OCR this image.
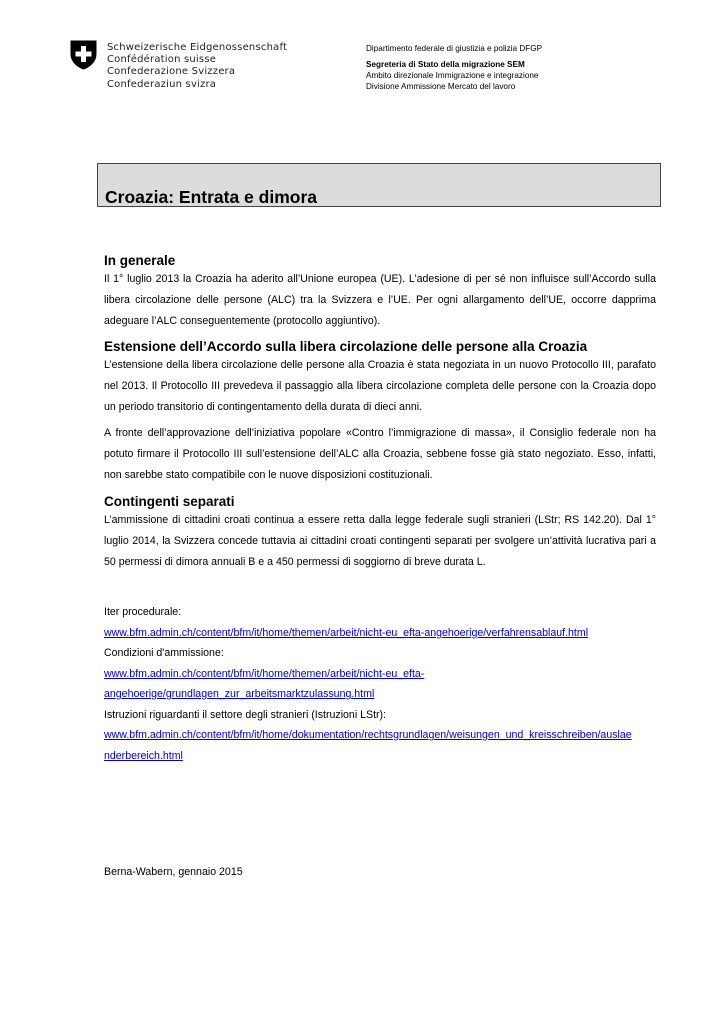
Schweizerische Eidgenossenschaft
Confédération suisse
Confederazione Svizzera
Confederaziun svizra
Dipartimento federale di giustizia e polizia DFGP
Segreteria di Stato della migrazione SEM
Ambito direzionale Immigrazione e integrazione
Divisione Ammissione Mercato del lavoro
Croazia: Entrata e dimora
In generale

Il 1° luglio 2013 la Croazia ha aderito all’Unione europea (UE). L’adesione di per sé non influisce sull’Accordo sulla libera circolazione delle persone (ALC) tra la Svizzera e l’UE. Per ogni allargamento dell’UE, occorre dapprima adeguare l’ALC conseguentemente (protocollo aggiuntivo).

Estensione dell’Accordo sulla libera circolazione delle persone alla Croazia

L’estensione della libera circolazione delle persone alla Croazia è stata negoziata in un nuovo Protocollo III, parafato nel 2013. Il Protocollo III prevedeva il passaggio alla libera circolazione completa delle persone con la Croazia dopo un periodo transitorio di contingentamento della durata di dieci anni.

A fronte dell’approvazione dell’iniziativa popolare «Contro l’immigrazione di massa», il Consiglio federale non ha potuto firmare il Protocollo III sull’estensione dell’ALC alla Croazia, sebbene fosse già stato negoziato. Esso, infatti, non sarebbe stato compatibile con le nuove disposizioni costituzionali.

Contingenti separati

L’ammissione di cittadini croati continua a essere retta dalla legge federale sugli stranieri (LStr; RS 142.20). Dal 1° luglio 2014, la Svizzera concede tuttavia ai cittadini croati contingenti separati per svolgere un’attività lucrativa pari a 50 permessi di dimora annuali B e a 450 permessi di soggiorno di breve durata L.

Iter procedurale:
www.bfm.admin.ch/content/bfm/it/home/themen/arbeit/nicht-eu_efta-angehoerige/verfahrensablauf.html
Condizioni d'ammissione:
www.bfm.admin.ch/content/bfm/it/home/themen/arbeit/nicht-eu_efta-
angehoerige/grundlagen_zur_arbeitsmarktzulassung.html
Istruzioni riguardanti il settore degli stranieri (Istruzioni LStr):
www.bfm.admin.ch/content/bfm/it/home/dokumentation/rechtsgrundlagen/weisungen_und_kreisschreiben/auslae
nderbereich.html
Berna-Wabern, gennaio 2015
